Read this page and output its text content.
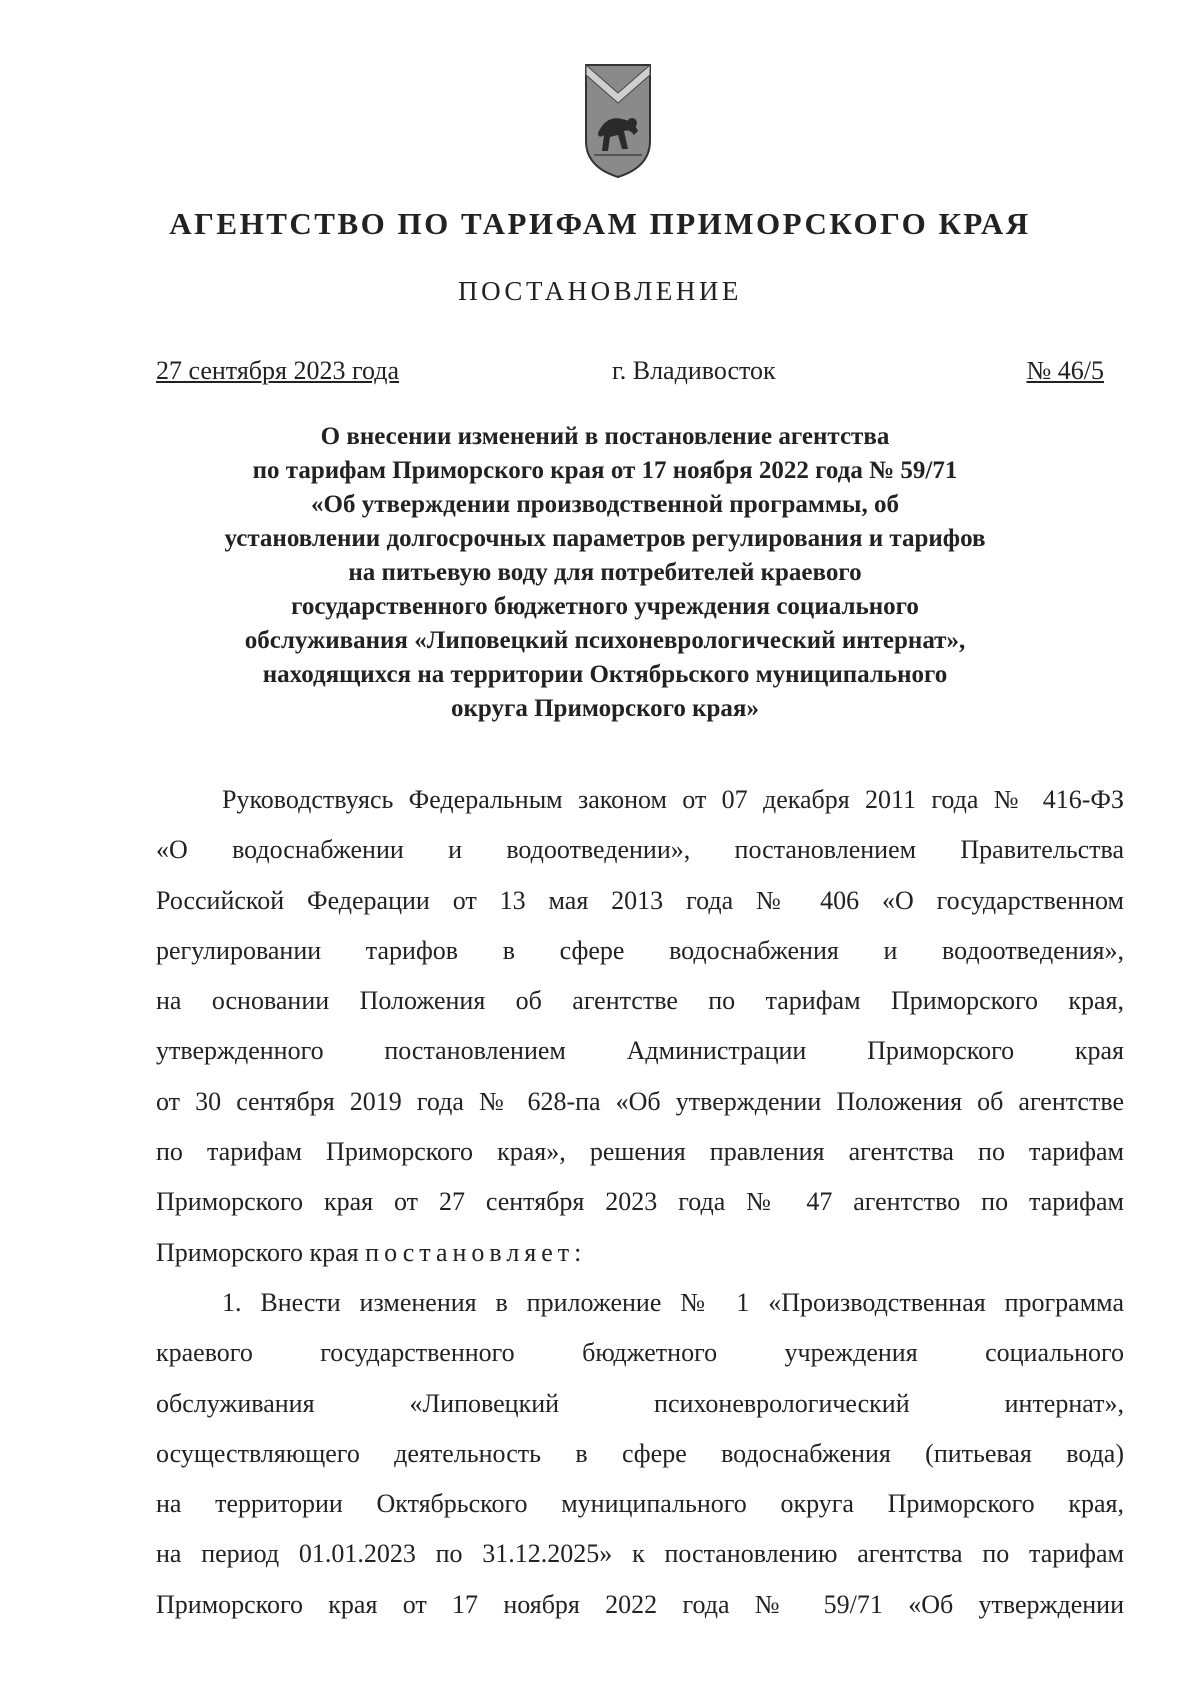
АГЕНТСТВО ПО ТАРИФАМ ПРИМОРСКОГО КРАЯ
ПОСТАНОВЛЕНИЕ
27 сентября 2023 года	г. Владивосток	№ 46/5
О внесении изменений в постановление агентства
по тарифам Приморского края от 17 ноября 2022 года № 59/71
«Об утверждении производственной программы, об
установлении долгосрочных параметров регулирования и тарифов
на питьевую воду для потребителей краевого
государственного бюджетного учреждения социального
обслуживания «Липовецкий психоневрологический интернат»,
находящихся на территории Октябрьского муниципального
округа Приморского края»
Руководствуясь Федеральным законом от 07 декабря 2011 года № 416-ФЗ
«О водоснабжении и водоотведении», постановлением Правительства
Российской Федерации от 13 мая 2013 года № 406 «О государственном
регулировании тарифов в сфере водоснабжения и водоотведения»,
на основании Положения об агентстве по тарифам Приморского края,
утвержденного постановлением Администрации Приморского края
от 30 сентября 2019 года № 628-па «Об утверждении Положения об агентстве
по тарифам Приморского края», решения правления агентства по тарифам
Приморского края от 27 сентября 2023 года № 47 агентство по тарифам
Приморского края постановляет:
1. Внести изменения в приложение № 1 «Производственная программа
краевого государственного бюджетного учреждения социального
обслуживания «Липовецкий психоневрологический интернат»,
осуществляющего деятельность в сфере водоснабжения (питьевая вода)
на территории Октябрьского муниципального округа Приморского края,
на период 01.01.2023 по 31.12.2025» к постановлению агентства по тарифам
Приморского края от 17 ноября 2022 года № 59/71 «Об утверждении
